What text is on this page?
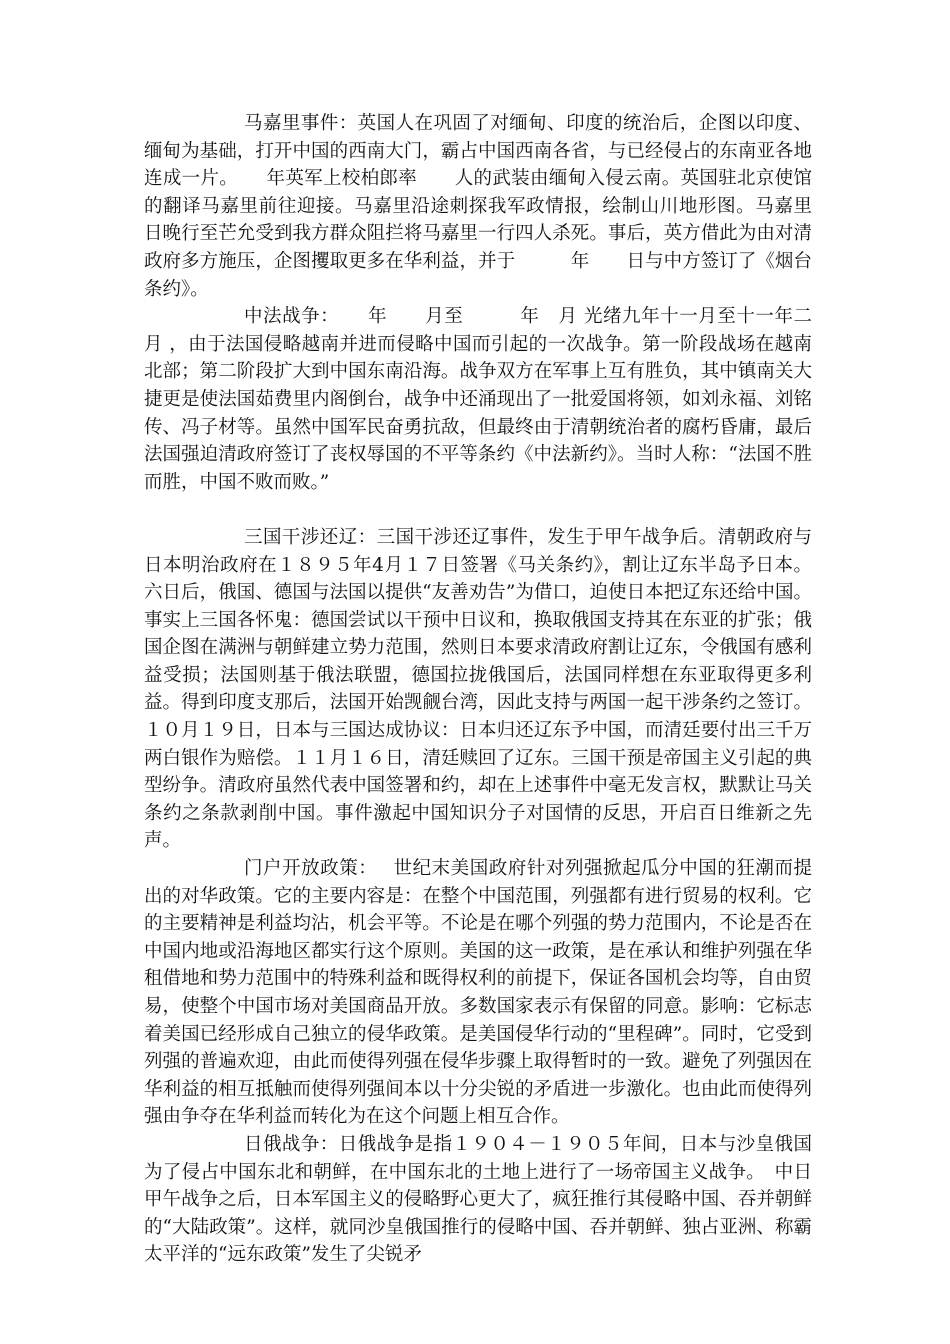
马嘉里事件：英国人在巩固了对缅甸、印度的统治后，企图以印度、缅甸为基础，打开中国的西南大门，霸占中国西南各省，与已经侵占的东南亚各地连成一片。　　年英军上校柏郎率　　人的武装由缅甸入侵云南。英国驻北京使馆的翻译马嘉里前往迎接。马嘉里沿途刺探我军政情报，绘制山川地形图。马嘉里　　日晚行至芒允受到我方群众阻拦将马嘉里一行四人杀死。事后，英方借此为由对清政府多方施压，企图攫取更多在华利益，并于　　　年　　日与中方签订了《烟台条约》。

中法战争：　　年　　月至　　　年　月 光绪九年十一月至十一年二月 ，由于法国侵略越南并进而侵略中国而引起的一次战争。第一阶段战场在越南北部；第二阶段扩大到中国东南沿海。战争双方在军事上互有胜负，其中镇南关大捷更是使法国茹费里内阁倒台，战争中还涌现出了一批爱国将领，如刘永福、刘铭传、冯子材等。虽然中国军民奋勇抗敌，但最终由于清朝统治者的腐朽昏庸，最后法国强迫清政府签订了丧权辱国的不平等条约《中法新约》。当时人称：“法国不胜而胜，中国不败而败。”

三国干涉还辽：三国干涉还辽事件，发生于甲午战争后。清朝政府与日本明治政府在１８９５年4月１７日签署《马关条约》，割让辽东半岛予日本。六日后，俄国、德国与法国以提供“友善劝告”为借口，迫使日本把辽东还给中国。事实上三国各怀鬼：德国尝试以干预中日议和，换取俄国支持其在东亚的扩张；俄国企图在满洲与朝鲜建立势力范围，然则日本要求清政府割让辽东，令俄国有感利益受损；法国则基于俄法联盟，德国拉拢俄国后，法国同样想在东亚取得更多利益。得到印度支那后，法国开始觊觎台湾，因此支持与两国一起干涉条约之签订。１０月１９日，日本与三国达成协议：日本归还辽东予中国，而清廷要付出三千万两白银作为赔偿。１１月１６日，清廷赎回了辽东。三国干预是帝国主义引起的典型纷争。清政府虽然代表中国签署和约，却在上述事件中毫无发言权，默默让马关条约之条款剥削中国。事件激起中国知识分子对国情的反思，开启百日维新之先声。

门户开放政策：　 世纪末美国政府针对列强掀起瓜分中国的狂潮而提出的对华政策。它的主要内容是：在整个中国范围，列强都有进行贸易的权利。它的主要精神是利益均沾，机会平等。不论是在哪个列强的势力范围内，不论是否在中国内地或沿海地区都实行这个原则。美国的这一政策，是在承认和维护列强在华租借地和势力范围中的特殊利益和既得权利的前提下，保证各国机会均等，自由贸易，使整个中国市场对美国商品开放。多数国家表示有保留的同意。影响：它标志着美国已经形成自己独立的侵华政策。是美国侵华行动的“里程碑”。同时，它受到列强的普遍欢迎，由此而使得列强在侵华步骤上取得暂时的一致。避免了列强因在华利益的相互抵触而使得列强间本以十分尖锐的矛盾进一步激化。也由此而使得列强由争夺在华利益而转化为在这个问题上相互合作。

日俄战争：日俄战争是指１９０４－１９０５年间，日本与沙皇俄国为了侵占中国东北和朝鲜，在中国东北的土地上进行了一场帝国主义战争。　中日甲午战争之后，日本军国主义的侵略野心更大了，疯狂推行其侵略中国、吞并朝鲜的“大陆政策”。这样，就同沙皇俄国推行的侵略中国、吞并朝鲜、独占亚洲、称霸太平洋的“远东政策”发生了尖锐矛
